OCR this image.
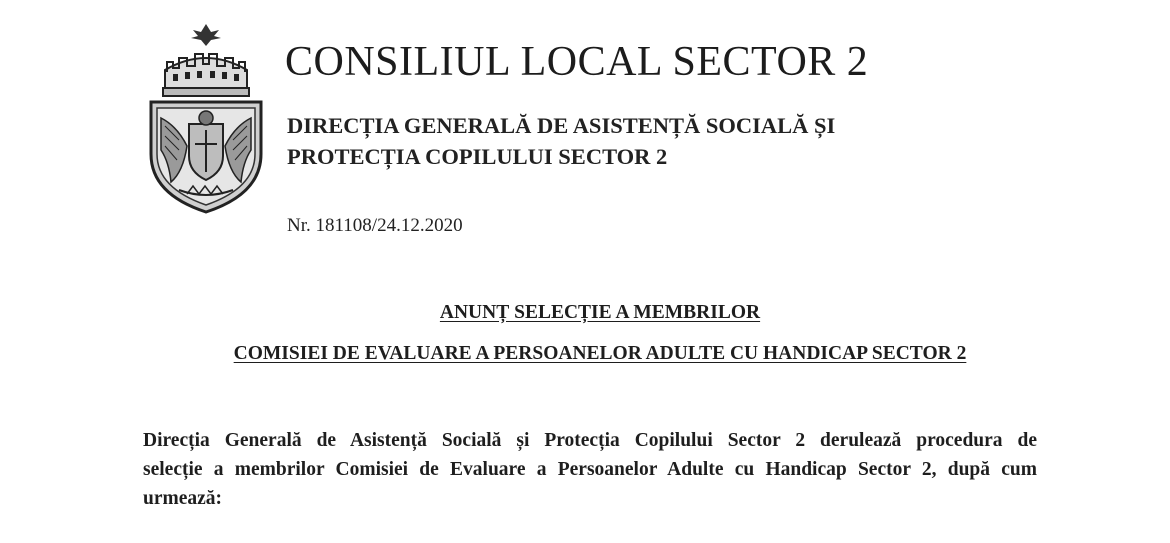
CONSILIUL LOCAL SECTOR 2
DIRECȚIA GENERALĂ DE ASISTENȚĂ SOCIALĂ ȘI
PROTECȚIA COPILULUI SECTOR 2
Nr. 181108/24.12.2020
ANUNȚ SELECȚIE A MEMBRILOR
COMISIEI DE EVALUARE A PERSOANELOR ADULTE CU HANDICAP SECTOR 2

Direcția Generală de Asistență Socială și Protecția Copilului Sector 2 derulează procedura de
selecție a membrilor Comisiei de Evaluare a Persoanelor Adulte cu Handicap Sector 2, după cum
urmează:
